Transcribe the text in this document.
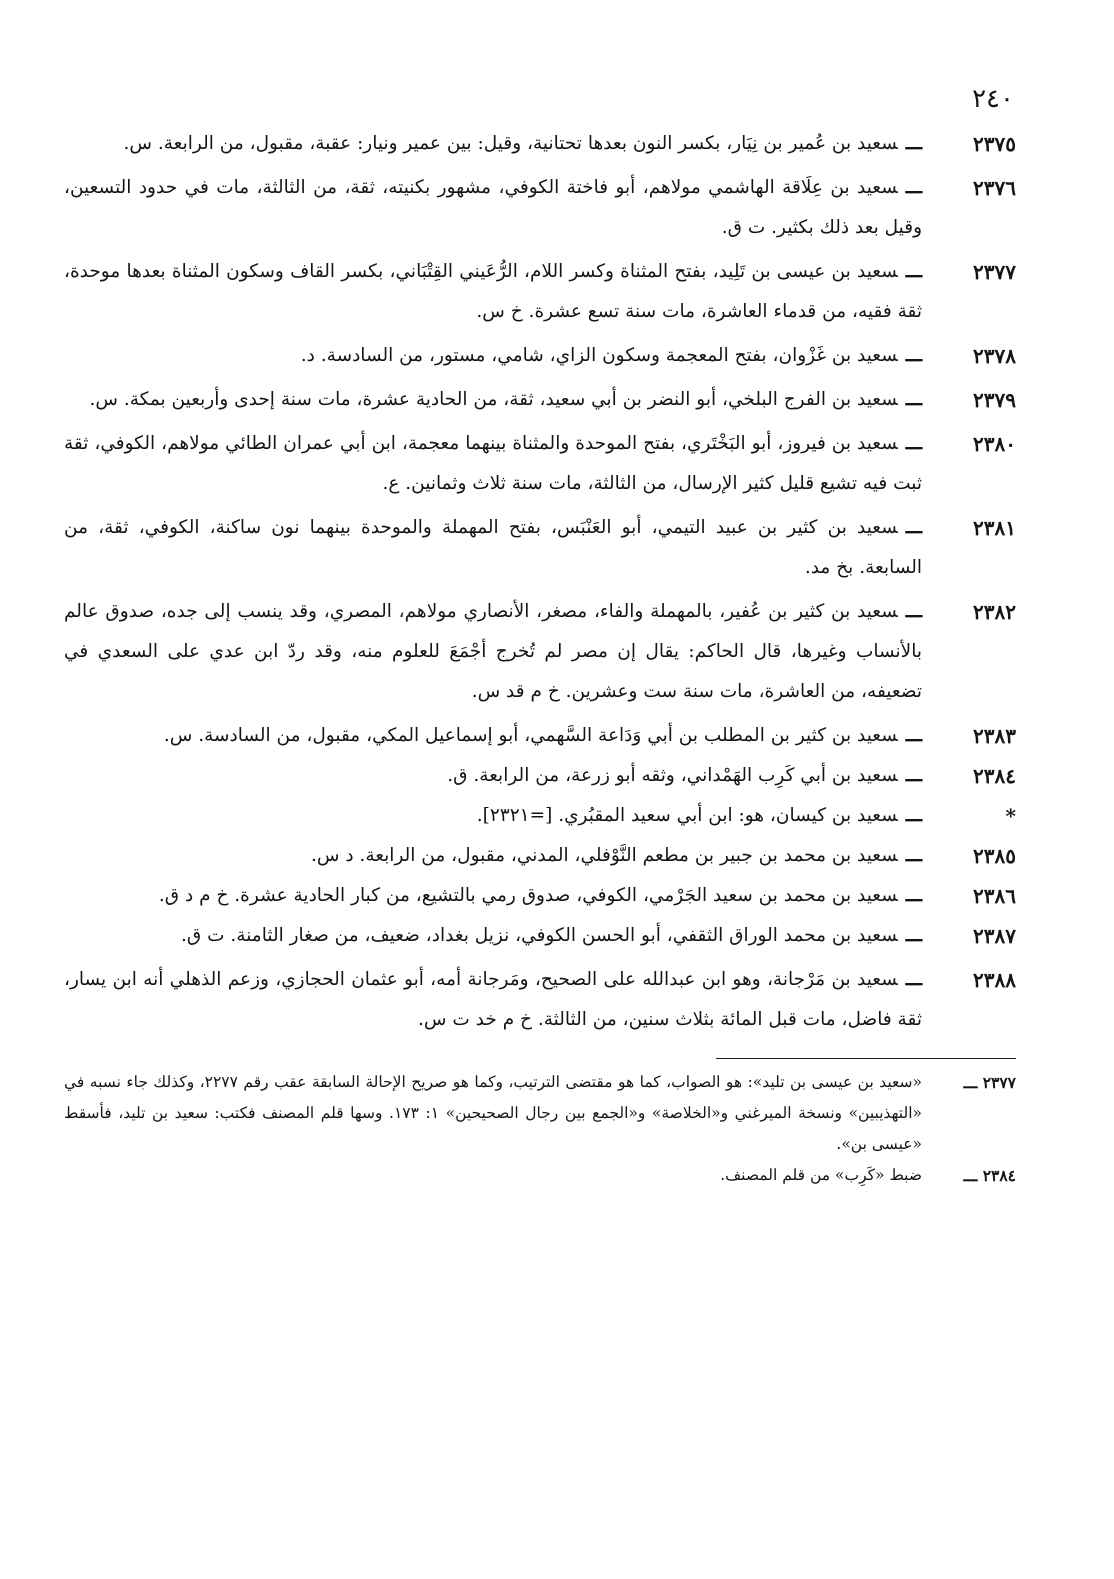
٢٤٠
٢٣٧٥
ـــسعيد بن عُمير بن نِيَار، بكسر النون بعدها تحتانية، وقيل: بين عمير ونيار: عقبة، مقبول، من الرابعة. س.
٢٣٧٦
ـــسعيد بن عِلَاقة الهاشمي مولاهم، أبو فاختة الكوفي، مشهور بكنيته، ثقة، من الثالثة، مات في حدود التسعين، وقيل بعد ذلك بكثير. ت ق.
٢٣٧٧
ـــسعيد بن عيسى بن تَلِيد، بفتح المثناة وكسر اللام، الرُّعَيني القِتْبَاني، بكسر القاف وسكون المثناة بعدها موحدة، ثقة فقيه، من قدماء العاشرة، مات سنة تسع عشرة. خ س.
٢٣٧٨
ـــسعيد بن غَزْوان، بفتح المعجمة وسكون الزاي، شامي، مستور، من السادسة. د.
٢٣٧٩
ـــسعيد بن الفرج البلخي، أبو النضر بن أبي سعيد، ثقة، من الحادية عشرة، مات سنة إحدى وأربعين بمكة. س.
٢٣٨٠
ـــسعيد بن فيروز، أبو البَخْتَري، بفتح الموحدة والمثناة بينهما معجمة، ابن أبي عمران الطائي مولاهم، الكوفي، ثقة ثبت فيه تشيع قليل كثير الإرسال، من الثالثة، مات سنة ثلاث وثمانين. ع.
٢٣٨١
ـــسعيد بن كثير بن عبيد التيمي، أبو العَنْبَس، بفتح المهملة والموحدة بينهما نون ساكنة، الكوفي، ثقة، من السابعة. بخ مد.
٢٣٨٢
ـــسعيد بن كثير بن عُفير، بالمهملة والفاء، مصغر، الأنصاري مولاهم، المصري، وقد ينسب إلى جده، صدوق عالم بالأنساب وغيرها، قال الحاكم: يقال إن مصر لم تُخرج أجْمَعَ للعلوم منه، وقد ردّ ابن عدي على السعدي في تضعيفه، من العاشرة، مات سنة ست وعشرين. خ م قد س.
٢٣٨٣
ـــسعيد بن كثير بن المطلب بن أبي وَدَاعة السَّهمي، أبو إسماعيل المكي، مقبول، من السادسة. س.
٢٣٨٤
ـــسعيد بن أبي كَرِب الهَمْداني، وثقه أبو زرعة، من الرابعة. ق.
*
ـــسعيد بن كيسان، هو: ابن أبي سعيد المقبُري. [=٢٣٢١].
٢٣٨٥
ـــسعيد بن محمد بن جبير بن مطعم النَّوْفلي، المدني، مقبول، من الرابعة. د س.
٢٣٨٦
ـــسعيد بن محمد بن سعيد الجَرْمي، الكوفي، صدوق رمي بالتشيع، من كبار الحادية عشرة. خ م د ق.
٢٣٨٧
ـــسعيد بن محمد الوراق الثقفي، أبو الحسن الكوفي، نزيل بغداد، ضعيف، من صغار الثامنة. ت ق.
٢٣٨٨
ـــسعيد بن مَرْجانة، وهو ابن عبدالله على الصحيح، ومَرجانة أمه، أبو عثمان الحجازي، وزعم الذهلي أنه ابن يسار، ثقة فاضل، مات قبل المائة بثلاث سنين، من الثالثة. خ م خد ت س.
٢٣٧٧ ـــ
«سعيد بن عيسى بن تليد»: هو الصواب، كما هو مقتضى الترتيب، وكما هو صريح الإحالة السابقة عقب رقم ٢٢٧٧، وكذلك جاء نسبه في «التهذيبين» ونسخة الميرغني و«الخلاصة» و«الجمع بين رجال الصحيحين» ١: ١٧٣. وسها قلم المصنف فكتب: سعيد بن تليد، فأسقط «عيسى بن».
٢٣٨٤ ـــ
ضبط «كَرِب» من قلم المصنف.
